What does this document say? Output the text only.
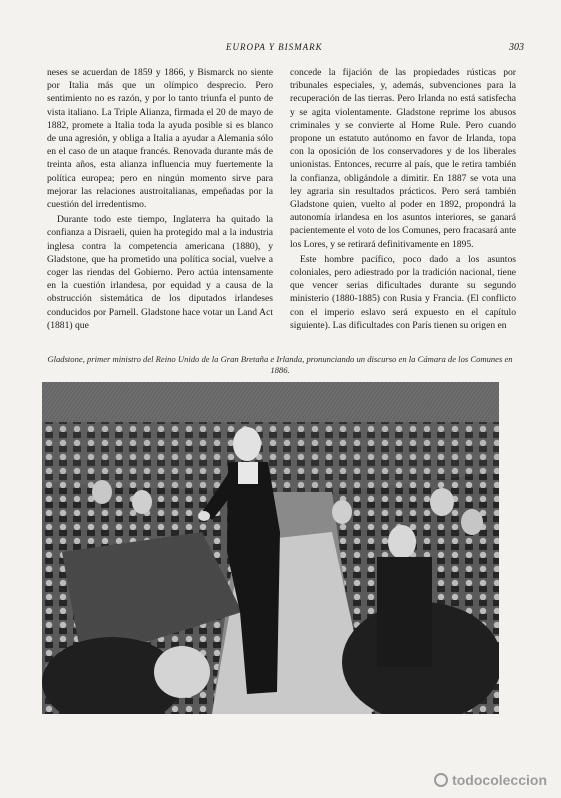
EUROPA Y BISMARK	303

neses se acuerdan de 1859 y 1866, y Bismarck no siente por Italia más que un olímpico desprecio. Pero sentimiento no es razón, y por lo tanto triunfa el punto de vista italiano. La Triple Alianza, firmada el 20 de mayo de 1882, promete a Italia toda la ayuda posible si es blanco de una agresión, y obliga a Italia a ayudar a Alemania sólo en el caso de un ataque francés. Renovada durante más de treinta años, esta alianza influencia muy fuertemente la política europea; pero en ningún momento sirve para mejorar las relaciones austroitalianas, empeñadas por la cuestión del irredentismo.

Durante todo este tiempo, Inglaterra ha quitado la confianza a Disraeli, quien ha protegido mal a la industria inglesa contra la competencia americana (1880), y Gladstone, que ha prometido una política social, vuelve a coger las riendas del Gobierno. Pero actúa intensamente en la cuestión irlandesa, por equidad y a causa de la obstrucción sistemática de los diputados irlandeses conducidos por Parnell. Gladstone hace votar un Land Act (1881) que

concede la fijación de las propiedades rústicas por tribunales especiales, y, además, subvenciones para la recuperación de las tierras. Pero Irlanda no está satisfecha y se agita violentamente. Gladstone reprime los abusos criminales y se convierte al Home Rule. Pero cuando propone un estatuto autónomo en favor de Irlanda, topa con la oposición de los conservadores y de los liberales unionistas. Entonces, recurre al país, que le retira también la confianza, obligándole a dimitir. En 1887 se vota una ley agraria sin resultados prácticos. Pero será también Gladstone quien, vuelto al poder en 1892, propondrá la autonomía irlandesa en los asuntos interiores, se ganará pacientemente el voto de los Comunes, pero fracasará ante los Lores, y se retirará definitivamente en 1895.

Este hombre pacífico, poco dado a los asuntos coloniales, pero adiestrado por la tradición nacional, tiene que vencer serias dificultades durante su segundo ministerio (1880-1885) con Rusia y Francia. (El conflicto con el imperio eslavo será expuesto en el capítulo siguiente). Las dificultades con París tienen su origen en

Gladstone, primer ministro del Reino Unido de la Gran Bretaña e Irlanda, pronunciando un discurso en la Cámara de los Comunes en 1886.
todocoleccion
